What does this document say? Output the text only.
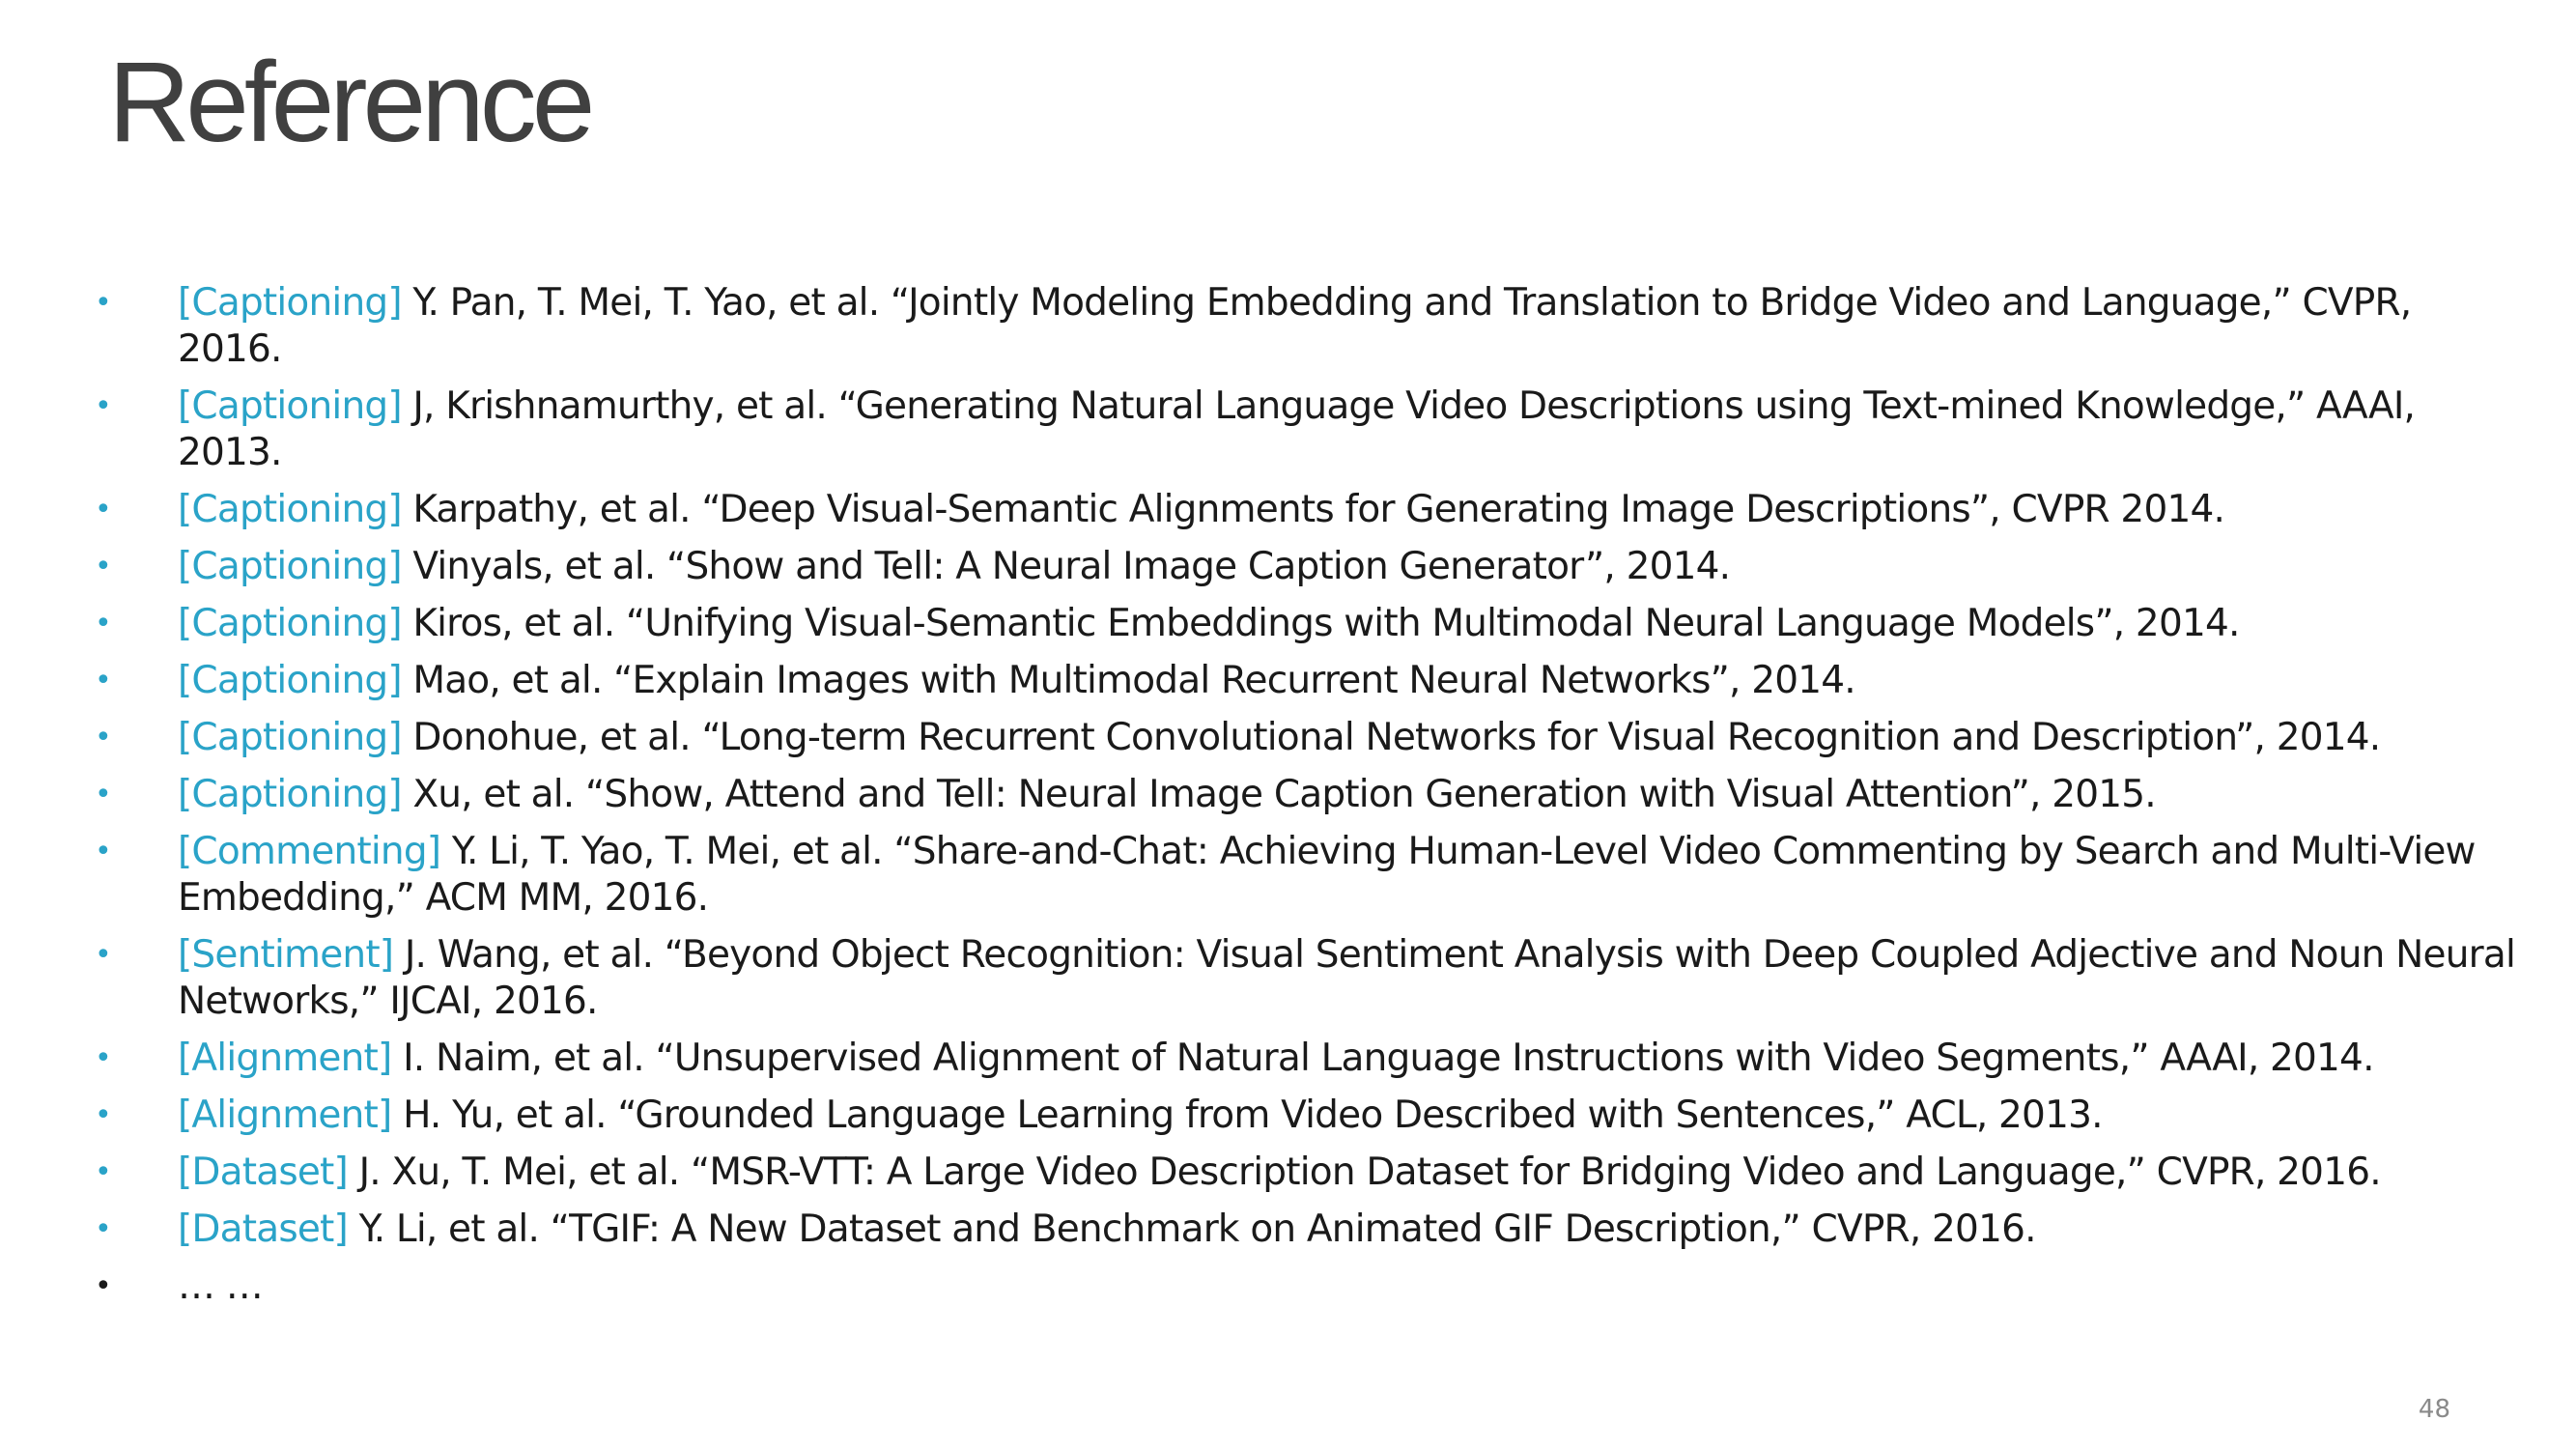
Reference
•	[Captioning] Y. Pan, T. Mei, T. Yao, et al. “Jointly Modeling Embedding and Translation to Bridge Video and Language,” CVPR, 2016.
•	[Captioning] J, Krishnamurthy, et al. “Generating Natural Language Video Descriptions using Text-mined Knowledge,” AAAI, 2013.
•	[Captioning] Karpathy, et al. “Deep Visual-Semantic Alignments for Generating Image Descriptions”, CVPR 2014.
•	[Captioning] Vinyals, et al. “Show and Tell: A Neural Image Caption Generator”, 2014.
•	[Captioning] Kiros, et al. “Unifying Visual-Semantic Embeddings with Multimodal Neural Language Models”, 2014.
•	[Captioning] Mao, et al. “Explain Images with Multimodal Recurrent Neural Networks”, 2014.
•	[Captioning] Donohue, et al. “Long-term Recurrent Convolutional Networks for Visual Recognition and Description”, 2014.
•	[Captioning] Xu, et al. “Show, Attend and Tell: Neural Image Caption Generation with Visual Attention”, 2015.
•	[Commenting] Y. Li, T. Yao, T. Mei, et al. “Share-and-Chat: Achieving Human-Level Video Commenting by Search and Multi-View Embedding,” ACM MM, 2016.
•	[Sentiment] J. Wang, et al. “Beyond Object Recognition: Visual Sentiment Analysis with Deep Coupled Adjective and Noun Neural Networks,” IJCAI, 2016.
•	[Alignment] I. Naim, et al. “Unsupervised Alignment of Natural Language Instructions with Video Segments,” AAAI, 2014.
•	[Alignment] H. Yu, et al. “Grounded Language Learning from Video Described with Sentences,” ACL, 2013.
•	[Dataset] J. Xu, T. Mei, et al. “MSR-VTT: A Large Video Description Dataset for Bridging Video and Language,” CVPR, 2016.
•	[Dataset] Y. Li, et al. “TGIF: A New Dataset and Benchmark on Animated GIF Description,” CVPR, 2016.
•	… …
48
